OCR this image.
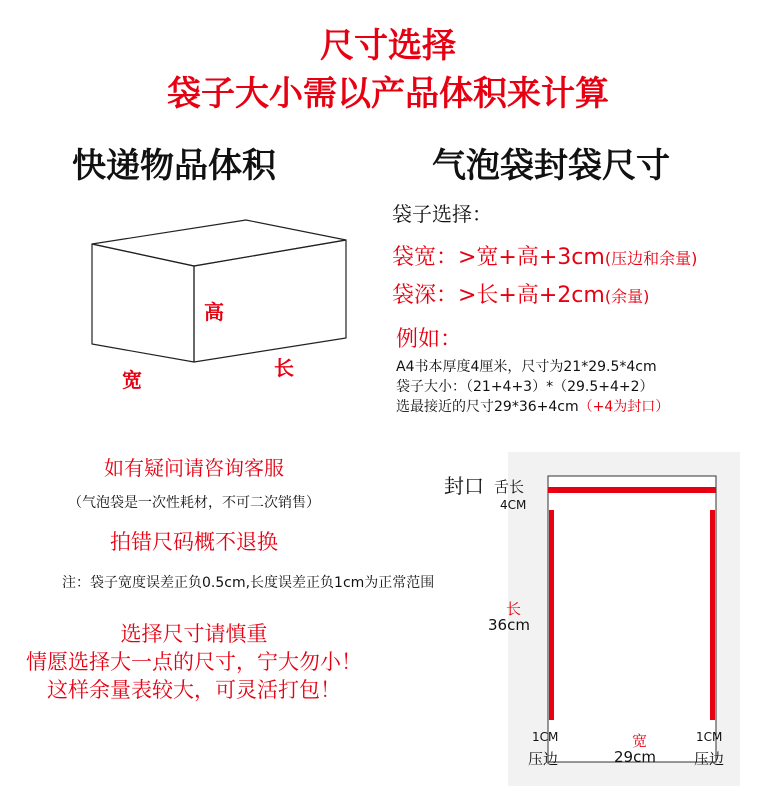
尺寸选择
袋子大小需以产品体积来计算
快递物品体积	气泡袋封袋尺寸
高
宽	长
袋子选择：
袋宽：>宽+高+3cm(压边和余量)
袋深：>长+高+2cm(余量)
例如：
A4书本厚度4厘米，尺寸为21*29.5*4cm
袋子大小：（21+4+3）*（29.5+4+2）
选最接近的尺寸29*36+4cm（+4为封口）
如有疑问请咨询客服
（气泡袋是一次性耗材，不可二次销售）
拍错尺码概不退换
注：袋子宽度误差正负0.5cm,长度误差正负1cm为正常范围
选择尺寸请慎重
情愿选择大一点的尺寸，宁大勿小！
这样余量表较大，可灵活打包！
封口 舌长
4CM
长
36cm
宽
29cm
1CM
压边
1CM
压边
